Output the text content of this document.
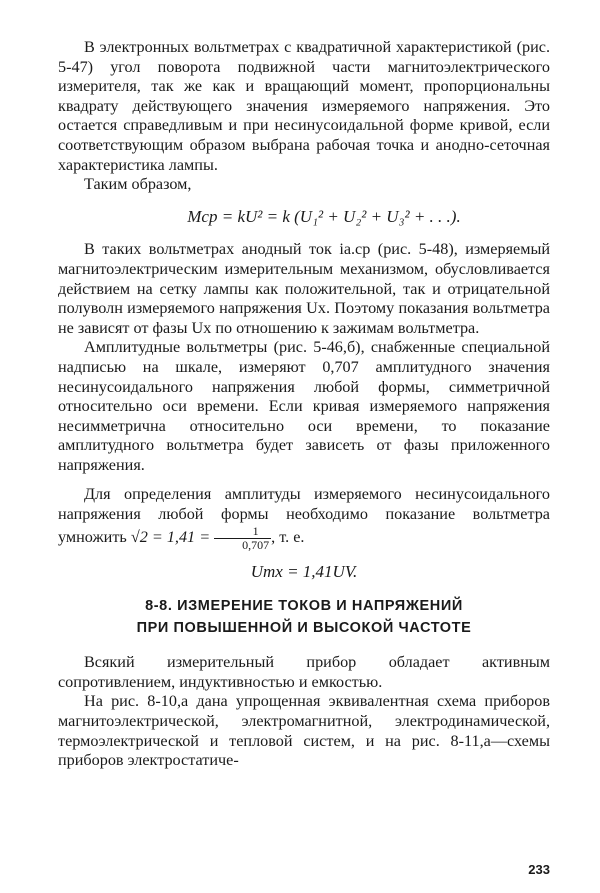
В электронных вольтметрах с квадратичной характеристикой (рис. 5-47) угол поворота подвижной части магнитоэлектрического измерителя, так же как и вращающий момент, пропорциональны квадрату действующего значения измеряемого напряжения. Это остается справедливым и при несинусоидальной форме кривой, если соответствующим образом выбрана рабочая точка и анодно-сеточная характеристика лампы.

Таким образом,

Mср = kU² = k (U₁² + U₂² + U₃² + . . .).

В таких вольтметрах анодный ток iа.ср (рис. 5-48), измеряемый магнитоэлектрическим измерительным механизмом, обусловливается действием на сетку лампы как положительной, так и отрицательной полуволн измеряемого напряжения Ux. Поэтому показания вольтметра не зависят от фазы Ux по отношению к зажимам вольтметра.

Амплитудные вольтметры (рис. 5-46,б), снабженные специальной надписью на шкале, измеряют 0,707 амплитудного значения несинусоидального напряжения любой формы, симметричной относительно оси времени. Если кривая измеряемого напряжения несимметрична относительно оси времени, то показание амплитудного вольтметра будет зависеть от фазы приложенного напряжения.

Для определения амплитуды измеряемого несинусоидального напряжения любой формы необходимо показание вольтметра умножить $√2 = 1,41 = \frac{1}{0,707}$ , т. е.

Umx = 1,41UV.
8-8. ИЗМЕРЕНИЕ ТОКОВ И НАПРЯЖЕНИЙ
ПРИ ПОВЫШЕННОЙ И ВЫСОКОЙ ЧАСТОТЕ

Всякий измерительный прибор обладает активным сопротивлением, индуктивностью и емкостью.

На рис. 8-10,а дана упрощенная эквивалентная схема приборов магнитоэлектрической, электромагнитной, электродинамической, термоэлектрической и тепловой систем, и на рис. 8-11,а—схемы приборов электростатиче-

233
